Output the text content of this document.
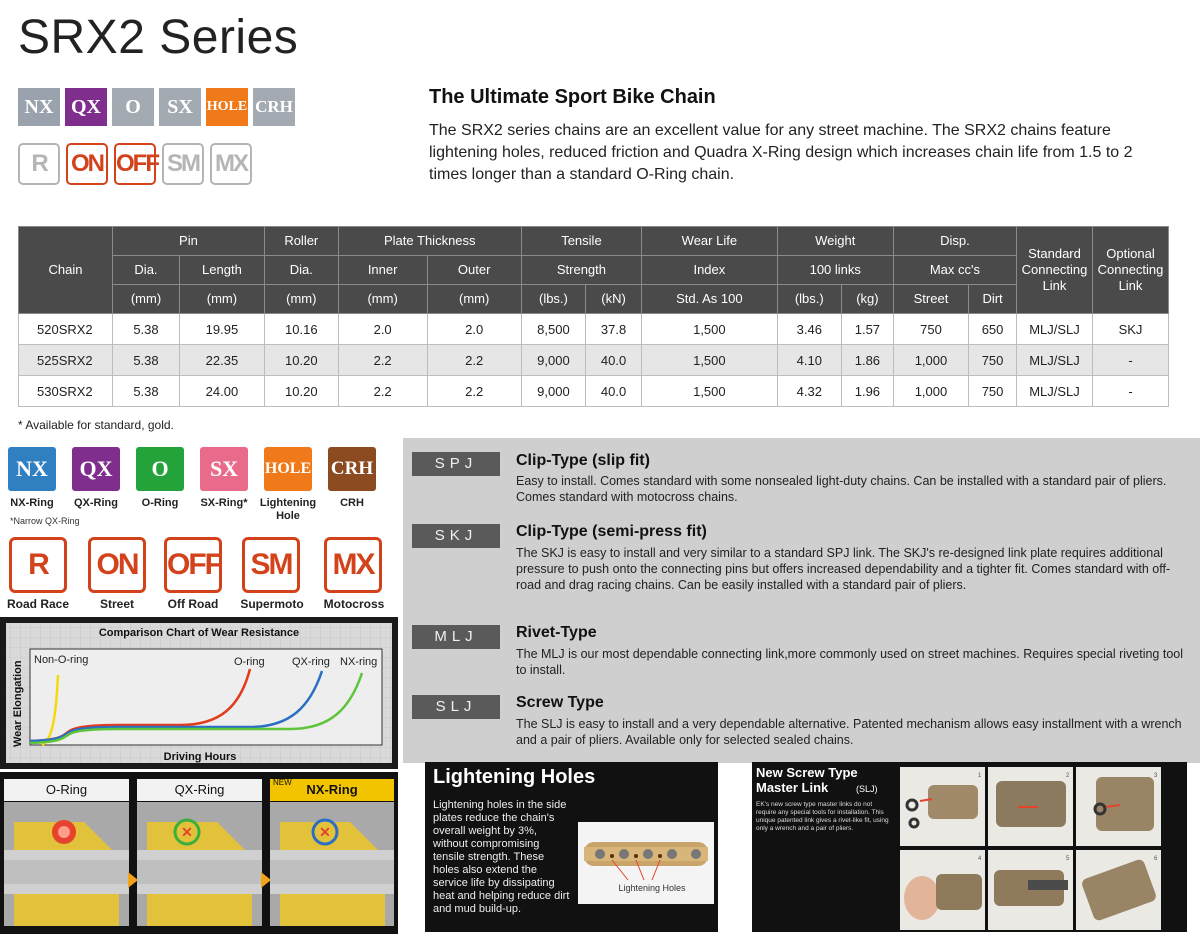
SRX2 Series
NX QX	O	SX HOLE CRH
R	ON OFF SM MX
The Ultimate Sport Bike Chain
The SRX2 series chains are an excellent value for any street machine. The SRX2 chains feature lightening holes, reduced friction and Quadra X-Ring design which increases chain life from 1.5 to 2 times longer than a standard O-Ring chain.
Chain	Pin		Roller	Plate Thickness		Tensile		Wear Life	Weight		Disp.		Standard Connecting Link	Optional Connecting Link
	Dia.	Length	Dia.	Inner	Outer	Strength		Index	100 links		Max cc's			
	(mm)	(mm)	(mm)	(mm)	(mm)	(lbs.)	(kN)	Std. As 100	(lbs.)	(kg)	Street	Dirt		
520SRX2	5.38	19.95	10.16	2.0	2.0	8,500	37.8	1,500	3.46	1.57	750	650	MLJ/SLJ	SKJ
525SRX2	5.38	22.35	10.20	2.2	2.2	9,000	40.0	1,500	4.10	1.86	1,000	750	MLJ/SLJ	-
530SRX2	5.38	24.00	10.20	2.2	2.2	9,000	40.0	1,500	4.32	1.96	1,000	750	MLJ/SLJ	-
* Available for standard, gold.
NX	QX	O	SX	HOLE CRH
NX-Ring	QX-Ring	O-Ring	SX-Ring*	Lightening Hole
CRH
*Narrow QX-Ring
R	ON OFF SM MX
Road Race	Street	Off Road	Supermoto	Motocross
Non-O-ring	O-ring QX-ring NX-ring
Driving Hours
Wear Elongation
Comparison Chart of Wear Resistance
O-Ring	QX-Ring	NEW NX-Ring
✕	✕
SPJ	Clip-Type (slip fit)
Easy to install. Comes standard with some nonsealed light-duty chains. Can be installed with a standard pair of pliers. Comes standard with motocross chains.
SKJ	Clip-Type (semi-press fit)
The SKJ is easy to install and very similar to a standard SPJ link. The SKJ's re-designed link plate requires additional pressure to push onto the connecting pins but offers increased dependability and a tighter fit. Comes standard with off-road and drag racing chains. Can be easily installed with a standard pair of pliers.
MLJ	Rivet-Type
The MLJ is our most dependable connecting link,more commonly used on street machines. Requires special riveting tool to install.
SLJ	Screw Type
The SLJ is easy to install and a very dependable alternative. Patented mechanism allows easy installment with a wrench and a pair of pliers. Available only for selected sealed chains.
Lightening Holes
Lightening holes in the side plates reduce the chain's overall weight by 3%, without compromising tensile strength. These holes also extend the service life by dissipating heat and helping reduce dirt and mud build-up.
Lightening Holes
New Screw Type Master Link	(SLJ)
EK's new screw type master links do not require any special tools for installation. This unique patented link gives a rivet-like fit, using only a wrench and a pair of pliers.
1	2	3
4	5	6
